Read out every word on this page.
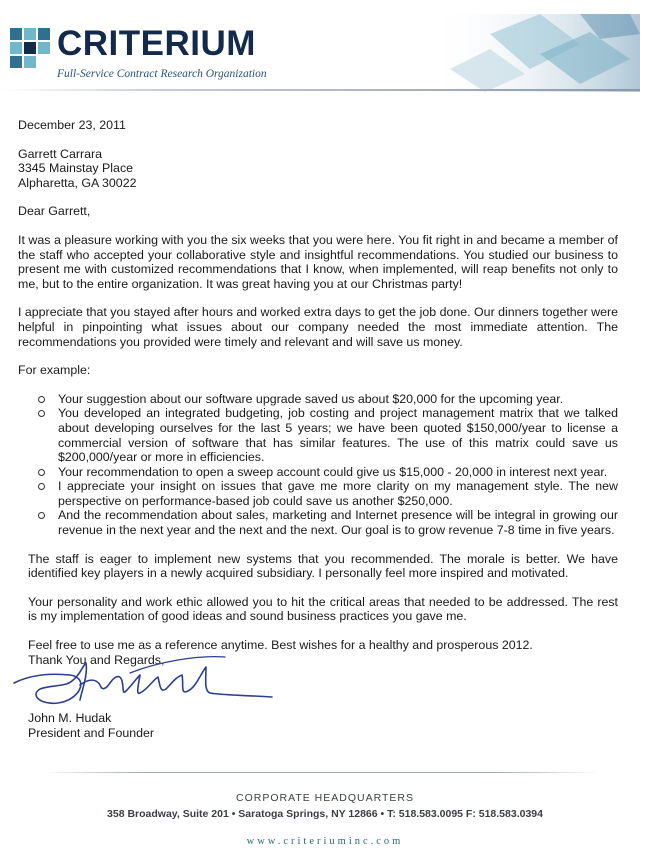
CRITERIUM
Full-Service Contract Research Organization

December 23, 2011

Garrett Carrara

3345 Mainstay Place

Alpharetta, GA 30022

Dear Garrett,

It was a pleasure working with you the six weeks that you were here. You fit right in and became a member of the staff who accepted your collaborative style and insightful recommendations. You studied our business to present me with customized recommendations that I know, when implemented, will reap benefits not only to me, but to the entire organization. It was great having you at our Christmas party!

I appreciate that you stayed after hours and worked extra days to get the job done. Our dinners together were helpful in pinpointing what issues about our company needed the most immediate attention. The recommendations you provided were timely and relevant and will save us money.

For example:

Your suggestion about our software upgrade saved us about $20,000 for the upcoming year.
You developed an integrated budgeting, job costing and project management matrix that we talked about developing ourselves for the last 5 years; we have been quoted $150,000/year to license a commercial version of software that has similar features. The use of this matrix could save us $200,000/year or more in efficiencies.
Your recommendation to open a sweep account could give us $15,000 - 20,000 in interest next year.
I appreciate your insight on issues that gave me more clarity on my management style. The new perspective on performance-based job could save us another $250,000.
And the recommendation about sales, marketing and Internet presence will be integral in growing our revenue in the next year and the next and the next. Our goal is to grow revenue 7-8 time in five years.

The staff is eager to implement new systems that you recommended. The morale is better. We have identified key players in a newly acquired subsidiary. I personally feel more inspired and motivated.

Your personality and work ethic allowed you to hit the critical areas that needed to be addressed. The rest is my implementation of good ideas and sound business practices you gave me.

Feel free to use me as a reference anytime. Best wishes for a healthy and prosperous 2012.

Thank You and Regards,
John M. Hudak
President and Founder
CORPORATE HEADQUARTERS
358 Broadway, Suite 201 • Saratoga Springs, NY 12866 • T: 518.583.0095 F: 518.583.0394
www.criteriuminc.com
